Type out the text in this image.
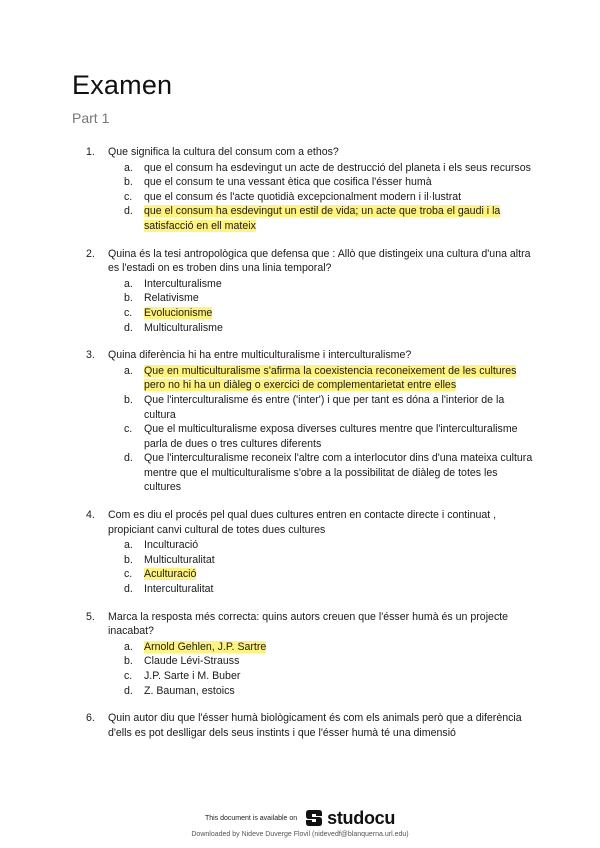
Examen
Part 1
1. Que significa la cultura del consum com a ethos?
a. que el consum ha esdevingut un acte de destrucció del planeta i els seus recursos
b. que el consum te una vessant ètica que cosifica l'ésser humà
c. que el consum és l'acte quotidià excepcionalment modern i il·lustrat
d. que el consum ha esdevingut un estil de vida; un acte que troba el gaudi i la satisfacció en ell mateix
2. Quina és la tesi antropològica que defensa que : Allò que distingeix una cultura d'una altra es l'estadi on es troben dins una linia temporal?
a. Interculturalisme
b. Relativisme
c. Evolucionisme
d. Multiculturalisme
3. Quina diferència hi ha entre multiculturalisme i interculturalisme?
a. Que en multiculturalisme s'afirma la coexistencia reconeixement de les cultures pero no hi ha un diàleg o exercici de complementarietat entre elles
b. Que l'interculturalisme és entre ('inter') i que per tant es dóna a l'interior de la cultura
c. Que el multiculturalisme exposa diverses cultures mentre que l'interculturalisme parla de dues o tres cultures diferents
d. Que l'interculturalisme reconeix l'altre com a interlocutor dins d'una mateixa cultura mentre que el multiculturalisme s'obre a la possibilitat de diàleg de totes les cultures
4. Com es diu el procés pel qual dues cultures entren en contacte directe i continuat , propiciant canvi cultural de totes dues cultures
a. Inculturació
b. Multiculturalitat
c. Aculturació
d. Interculturalitat
5. Marca la resposta més correcta: quins autors creuen que l'ésser humà és un projecte inacabat?
a. Arnold Gehlen, J.P. Sartre
b. Claude Lévi-Strauss
c. J.P. Sarte i M. Buber
d. Z. Bauman, estoics
6. Quin autor diu que l'ésser humà biològicament és com els animals però que a diferència d'ells es pot deslligar dels seus instints i que l'ésser humà té una dimensió
This document is available on studocu
Downloaded by Nideve Duverge Flovil (nidevedf@blanquerna.url.edu)
